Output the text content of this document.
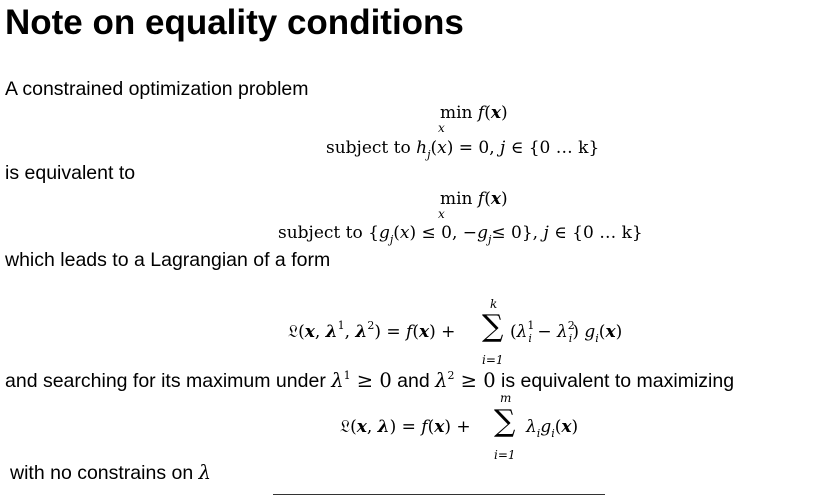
Note on equality conditions
A constrained optimization problem
min f(x)
x
subject to $h_j(x) = 0$, j ∈ {0 … k}
is equivalent to
min f(x)
x
subject to {$g_j(x) \le 0$, $-g_j\le 0$}, j ∈ {0 … k}
which leads to a Lagrangian of a form
k
∑
i=1
𝔏(x, $\lambda^1$, $\lambda^2) = f(x)$ +	$(\lambda^1_i - \lambda^2_i)$ $g_i(x)$
and searching for its maximum under $\lambda^1 \ge 0$ and $\lambda^2 \ge 0$ is equivalent to maximizing
m
∑
i=1
𝔏(x, λ) = f(x) +	$\lambda_ig_i(x)$
with no constrains on λ
